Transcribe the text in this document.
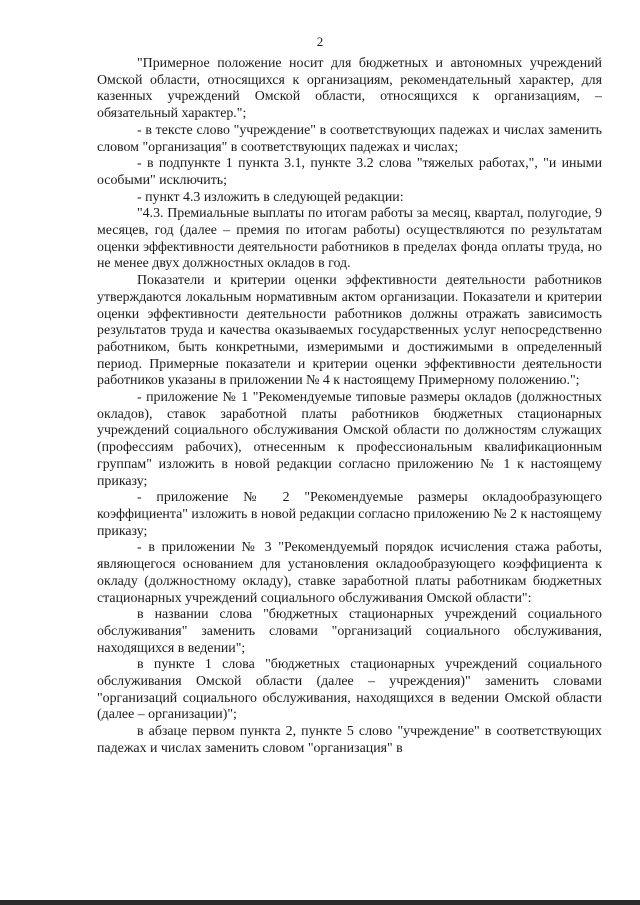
2

"Примерное положение носит для бюджетных и автономных учреждений Омской области, относящихся к организациям, рекомендательный характер, для казенных учреждений Омской области, относящихся к организациям, – обязательный характер.";

- в тексте слово "учреждение" в соответствующих падежах и числах заменить словом "организация" в соответствующих падежах и числах;

- в подпункте 1 пункта 3.1, пункте 3.2 слова "тяжелых работах,", "и иными особыми" исключить;

- пункт 4.3 изложить в следующей редакции:

"4.3. Премиальные выплаты по итогам работы за месяц, квартал, полугодие, 9 месяцев, год (далее – премия по итогам работы) осуществляются по результатам оценки эффективности деятельности работников в пределах фонда оплаты труда, но не менее двух должностных окладов в год.

Показатели и критерии оценки эффективности деятельности работников утверждаются локальным нормативным актом организации. Показатели и критерии оценки эффективности деятельности работников должны отражать зависимость результатов труда и качества оказываемых государственных услуг непосредственно работником, быть конкретными, измеримыми и достижимыми в определенный период. Примерные показатели и критерии оценки эффективности деятельности работников указаны в приложении № 4 к настоящему Примерному положению.";

- приложение № 1 "Рекомендуемые типовые размеры окладов (должностных окладов), ставок заработной платы работников бюджетных стационарных учреждений социального обслуживания Омской области по должностям служащих (профессиям рабочих), отнесенным к профессиональным квалификационным группам" изложить в новой редакции согласно приложению № 1 к настоящему приказу;

- приложение № 2 "Рекомендуемые размеры окладообразующего коэффициента" изложить в новой редакции согласно приложению № 2 к настоящему приказу;

- в приложении № 3 "Рекомендуемый порядок исчисления стажа работы, являющегося основанием для установления окладообразующего коэффициента к окладу (должностному окладу), ставке заработной платы работникам бюджетных стационарных учреждений социального обслуживания Омской области":

в названии слова "бюджетных стационарных учреждений социального обслуживания" заменить словами "организаций социального обслуживания, находящихся в ведении";

в пункте 1 слова "бюджетных стационарных учреждений социального обслуживания Омской области (далее – учреждения)" заменить словами "организаций социального обслуживания, находящихся в ведении Омской области (далее – организации)";

в абзаце первом пункта 2, пункте 5 слово "учреждение" в соответствующих падежах и числах заменить словом "организация" в
